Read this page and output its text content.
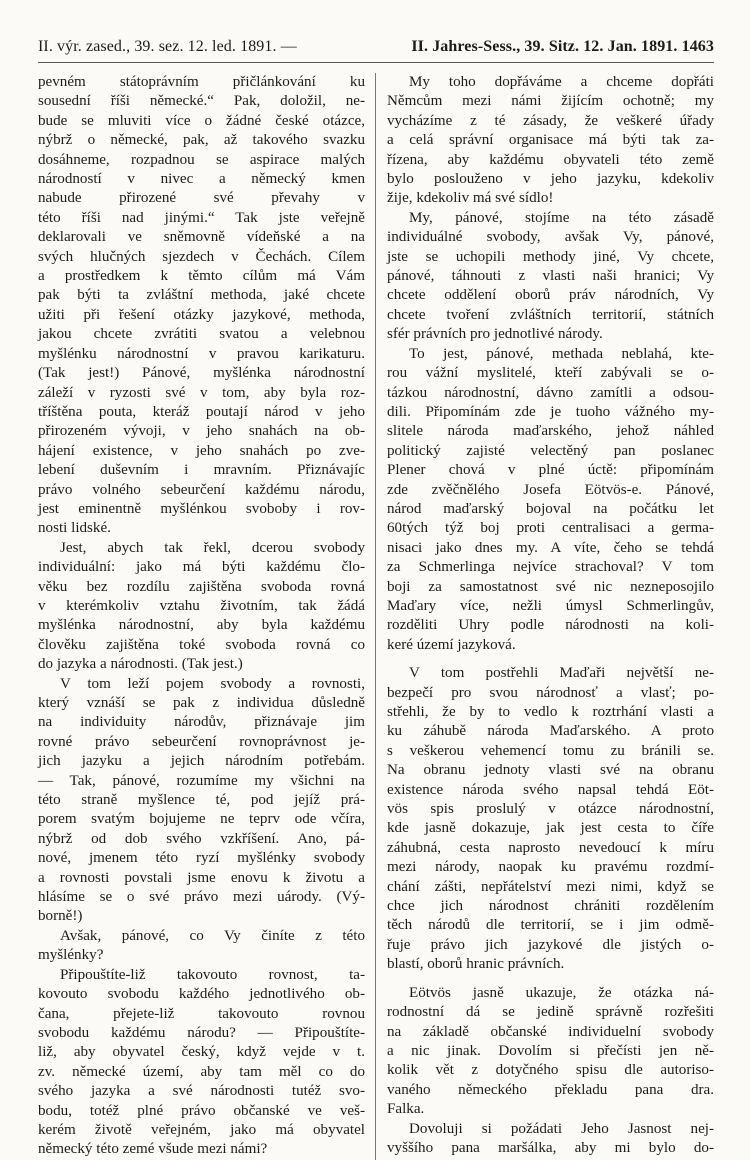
II. výr. zased., 39. sez. 12. led. 1891. —	II. Jahres-Sess., 39. Sitz. 12. Jan. 1891. 1463
pevném státoprávním přičlánkování ku
sousední říši německé.“ Pak, doložil, ne-
bude se mluviti více o žádné české otázce,
nýbrž o německé, pak, až takového svazku
dosáhneme, rozpadnou se aspirace malých
národností v nivec a německý kmen
nabude přirozené své převahy v
této říši nad jinými.“ Tak jste veřejně
deklarovali ve sněmovně vídeňské a na
svých hlučných sjezdech v Čechách. Cílem
a prostředkem k těmto cílům má Vám
pak býti ta zvláštní methoda, jaké chcete
užiti při řešení otázky jazykové, methoda,
jakou chcete zvrátiti svatou a velebnou
myšlénku národnostní v pravou karikaturu.
(Tak jest!) Pánové, myšlénka národnostní
záleží v ryzosti své v tom, aby byla roz-
tříštěna pouta, kteráž poutají národ v jeho
přirozeném vývoji, v jeho snahách na ob-
hájení existence, v jeho snahách po zve-
lebení duševním i mravním. Přiznávajíc
právo volného sebeurčení každému národu,
jest eminentně myšlénkou svoboby i rov-
nosti lidské.
Jest, abych tak řekl, dcerou svobody
individuální: jako má býti každému člo-
věku bez rozdílu zajištěna svoboda rovná
v kterémkoliv vztahu životním, tak žádá
myšlénka národnostní, aby byla každému
člověku zajištěna toké svoboda rovná co
do jazyka a národnosti. (Tak jest.)
V tom leží pojem svobody a rovnosti,
který vznáší se pak z individua důsledně
na individuity národův, přiznávaje jim
rovné právo sebeurčení rovnoprávnost je-
jich jazyku a jejich národním potřebám.
— Tak, pánové, rozumíme my všichni na
této straně myšlence té, pod jejíž prá-
porem svatým bojujeme ne teprv ode včíra,
nýbrž od dob svého vzkříšení. Ano, pá-
nové, jmenem této ryzí myšlénky svobody
a rovnosti povstali jsme enovu k životu a
hlásíme se o své právo mezi uárody. (Vý-
borně!)
Avšak, pánové, co Vy činíte z této
myšlénky?
Připouštíte-liž takovouto rovnost, ta-
kovouto svobodu každého jednotlivého ob-
čana, přejete-liž takovouto rovnou
svobodu každému národu? — Připouštíte-
liž, aby obyvatel český, když vejde v t.
zv. německé území, aby tam měl co do
svého jazyka a své národnosti tutéž svo-
bodu, totéž plné právo občanské ve veš-
kerém životě veřejném, jako má obyvatel
německý této zemé všude mezi námi?
My toho dopřáváme a chceme dopřáti
Němcům mezi námi žijícím ochotně; my
vycházíme z té zásady, že veškeré úřady
a celá správní organisace má býti tak za-
řízena, aby každému obyvateli této země
bylo poslouženo v jeho jazyku, kdekoliv
žije, kdekoliv má své sídlo!
My, pánové, stojíme na této zásadě
individuálné svobody, avšak Vy, pánové,
jste se uchopili methody jiné, Vy chcete,
pánové, táhnouti z vlasti naši hranici; Vy
chcete oddělení oborů práv národních, Vy
chcete tvoření zvláštních territorií, státních
sfér právních pro jednotlivé národy.
To jest, pánové, methada neblahá, kte-
rou vážní myslitelé, kteří zabývali se o-
tázkou národnostní, dávno zamítli a odsou-
dili. Připomínám zde je tuoho vážného my-
slitele národa maďarského, jehož náhled
politický zajisté velectěný pan poslanec
Plener chová v plné úctě: připomínám
zde zvěčnělého Josefa Eötvös-e. Pánové,
národ maďarský bojoval na počátku let
60tých týž boj proti centralisaci a germa-
nisaci jako dnes my. A víte, čeho se tehdá
za Schmerlinga nejvíce strachoval? V tom
boji za samostatnost své nic nezneposojilo
Maďary více, nežli úmysl Schmerlingův,
rozděliti Uhry podle národnosti na koli-
keré území jazyková.
V tom postřehli Maďaři největší ne-
bezpečí pro svou národnosť a vlasť; po-
střehli, že by to vedlo k roztrhání vlasti a
ku záhubě národa Maďarského. A proto
s veškerou vehemencí tomu zu bránili se.
Na obranu jednoty vlasti své na obranu
existence národa svého napsal tehdá Eöt-
vös spis proslulý v otázce národnostní,
kde jasně dokazuje, jak jest cesta to číře
záhubná, cesta naprosto nevedoucí k míru
mezi národy, naopak ku pravému rozdmí-
chání zášti, nepřátelství mezi nimi, když se
chce jich národnost chrániti rozdělením
těch národů dle territorií, se i jim odmě-
řuje právo jich jazykové dle jistých o-
blastí, oborů hranic právních.
Eötvös jasně ukazuje, že otázka ná-
rodnostní dá se jedině správně rozřešiti
na základě občanské individuelní svobody
a nic jinak. Dovolím si přečísti jen ně-
kolik vět z dotyčného spisu dle autoriso-
vaného německého překladu pana dra.
Falka.
Dovoluji si požádati Jeho Jasnost nej-
vyššího pana maršálka, aby mi bylo do-
